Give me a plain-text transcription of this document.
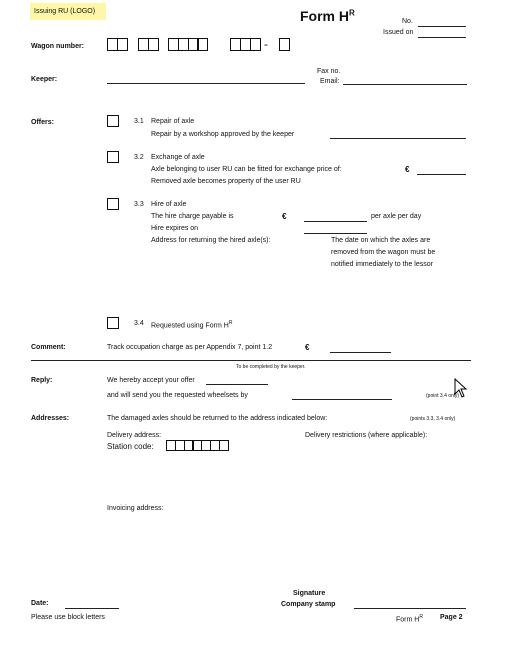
Issuing RU (LOGO)	Form $H^R$
No.
Issued on
Wagon number:	-
Keeper:
Fax no.
Email:
Offers:	3.1 Repair of axle
Repair by a workshop approved by the keeper
3.2 Exchange of axle
Axle belonging to user RU can be fitted for exchange price of:	€
Removed axle becomes property of the user RU
3.3 Hire of axle
The hire charge payable is	€	per axle per day
Hire expires on
Address for returning the hired axle(s):	The date on which the axles are
removed from the wagon must be
notified immediately to the lessor
3.4 Requested using Form $H^R$
Comment:	Track occupation charge as per Appendix 7, point 1.2	€
To be completed by the keeper.
Reply:	We hereby accept your offer
and will send you the requested wheelsets by	(point 3.4 only)
Addresses:	The damaged axles should be returned to the address indicated below:	(points 3.3, 3.4 only)
Delivery address:	Delivery restrictions (where applicable):
Station code:
Invoicing address:
Signature
Company stamp
Date:
Please use block letters	Form $H^R$ Page 2
